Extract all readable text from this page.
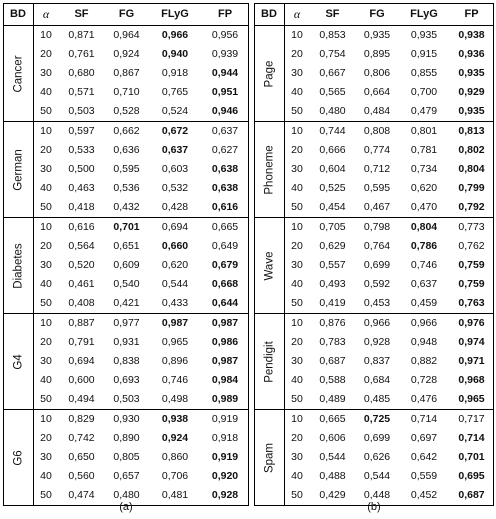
BD	α	SF	FG	FLyG	FP
Cancer
10	0,871	0,964	0,966	0,956
20	0,761	0,924	0,940	0,939
30	0,680	0,867	0,918	0,944
40	0,571	0,710	0,765	0,951
50	0,503	0,528	0,524	0,946
German
10	0,597	0,662	0,672	0,637
20	0,533	0,636	0,637	0,627
30	0,500	0,595	0,603	0,638
40	0,463	0,536	0,532	0,638
50	0,418	0,432	0,428	0,616
Diabetes
10	0,616	0,701	0,694	0,665
20	0,564	0,651	0,660	0,649
30	0,520	0,609	0,620	0,679
40	0,461	0,540	0,544	0,668
50	0,408	0,421	0,433	0,644
G4
10	0,887	0,977	0,987	0,987
20	0,791	0,931	0,965	0,986
30	0,694	0,838	0,896	0,987
40	0,600	0,693	0,746	0,984
50	0,494	0,503	0,498	0,989
G6
10	0,829	0,930	0,938	0,919
20	0,742	0,890	0,924	0,918
30	0,650	0,805	0,860	0,919
40	0,560	0,657	0,706	0,920
50	0,474	0,480	0,481	0,928
BD	α	SF	FG	FLyG	FP
Page
10	0,853	0,935	0,935	0,938
20	0,754	0,895	0,915	0,936
30	0,667	0,806	0,855	0,935
40	0,565	0,664	0,700	0,929
50	0,480	0,484	0,479	0,935
Phoneme
10	0,744	0,808	0,801	0,813
20	0,666	0,774	0,781	0,802
30	0,604	0,712	0,734	0,804
40	0,525	0,595	0,620	0,799
50	0,454	0,467	0,470	0,792
Wave
10	0,705	0,798	0,804	0,773
20	0,629	0,764	0,786	0,762
30	0,557	0,699	0,746	0,759
40	0,493	0,592	0,637	0,759
50	0,419	0,453	0,459	0,763
Pendigit
10	0,876	0,966	0,966	0,976
20	0,783	0,928	0,948	0,974
30	0,687	0,837	0,882	0,971
40	0,588	0,684	0,728	0,968
50	0,489	0,485	0,476	0,965
Spam
10	0,665	0,725	0,714	0,717
20	0,606	0,699	0,697	0,714
30	0,544	0,626	0,642	0,701
40	0,488	0,544	0,559	0,695
50	0,429	0,448	0,452	0,687
(a)	(b)
